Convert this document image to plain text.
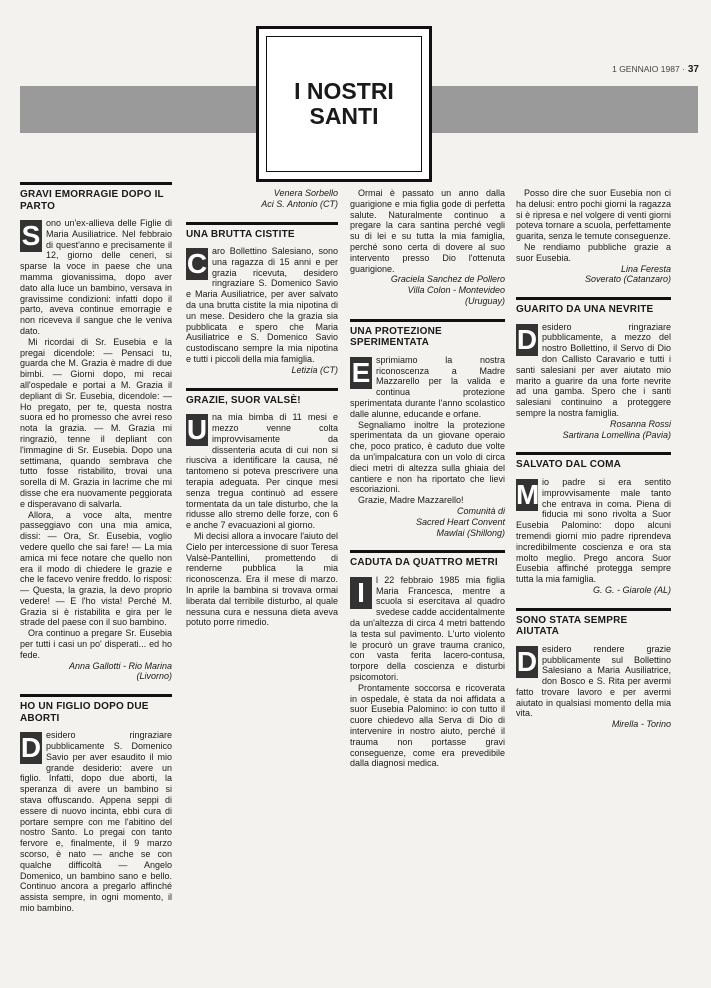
1 GENNAIO 1987 · 37
I NOSTRI
SANTI
GRAVI EMORRAGIE DOPO IL PARTO
S ono un'ex-allieva delle Figlie di Maria Ausiliatrice. Nel febbraio di quest'anno e precisamente il 12, giorno delle ceneri, si sparse la voce in paese che una mamma giovanissima, dopo aver dato alla luce un bambino, versava in gravissime condizioni: infatti dopo il parto, aveva continue emorragie e non riceveva il sangue che le veniva dato.

Mi ricordai di Sr. Eusebia e la pregai dicendole: — Pensaci tu, guarda che M. Grazia è madre di due bimbi. — Giorni dopo, mi recai all'ospedale e portai a M. Grazia il depliant di Sr. Eusebia, dicendole: — Ho pregato, per te, questa nostra suora ed ho promesso che avrei reso nota la grazia. — M. Grazia mi ringraziò, tenne il depliant con l'immagine di Sr. Eusebia. Dopo una settimana, quando sembrava che tutto fosse ristabilito, trovai una sorella di M. Grazia in lacrime che mi disse che era nuovamente peggiorata e disperavano di salvarla.

Allora, a voce alta, mentre passeggiavo con una mia amica, dissi: — Ora, Sr. Eusebia, voglio vedere quello che sai fare! — La mia amica mi fece notare che quello non era il modo di chiedere le grazie e che le facevo venire freddo. Io risposi: — Questa, la grazia, la devo proprio vedere! — E l'ho vista! Perché M. Grazia si è ristabilita e gira per le strade del paese con il suo bambino.

Ora continuo a pregare Sr. Eusebia per tutti i casi un po' disperati... ed ho fede.

Anna Gallotti - Rio Marina

(Livorno)

HO UN FIGLIO DOPO DUE ABORTI
D esidero ringraziare pubblicamente S. Domenico Savio per aver esaudito il mio grande desiderio: avere un figlio. Infatti, dopo due aborti, la speranza di avere un bambino si stava offuscando. Appena seppi di essere di nuovo incinta, ebbi cura di portare sempre con me l'abitino del nostro Santo. Lo pregai con tanto fervore e, finalmente, il 9 marzo scorso, è nato — anche se con qualche difficoltà — Angelo Domenico, un bambino sano e bello. Continuo ancora a pregarlo affinché assista sempre, in ogni momento, il mio bambino.

Venera Sorbello

Aci S. Antonio (CT)

UNA BRUTTA CISTITE
C aro Bollettino Salesiano, sono una ragazza di 15 anni e per grazia ricevuta, desidero ringraziare S. Domenico Savio e Maria Ausiliatrice, per aver salvato da una brutta cistite la mia nipotina di un mese. Desidero che la grazia sia pubblicata e spero che Maria Ausiliatrice e S. Domenico Savio custodiscano sempre la mia nipotina e tutti i piccoli della mia famiglia.

Letizia (CT)

GRAZIE, SUOR VALSÈ!
U na mia bimba di 11 mesi e mezzo venne colta improvvisamente da dissenteria acuta di cui non si riusciva a identificare la causa, né tantomeno si poteva prescrivere una terapia adeguata. Per cinque mesi senza tregua continuò ad essere tormentata da un tale disturbo, che la ridusse allo stremo delle forze, con 6 e anche 7 evacuazioni al giorno.

Mi decisi allora a invocare l'aiuto del Cielo per intercessione di suor Teresa Valsè-Pantellini, promettendo di renderne pubblica la mia riconoscenza. Era il mese di marzo. In aprile la bambina si trovava ormai liberata dal terribile disturbo, al quale nessuna cura e nessuna dieta aveva potuto porre rimedio.

Ormai è passato un anno dalla guarigione e mia figlia gode di perfetta salute. Naturalmente continuo a pregare la cara santina perché vegli su di lei e su tutta la mia famiglia, perché sono certa di dovere al suo intervento presso Dio l'ottenuta guarigione.

Graciela Sanchez de Pollero

Villa Colon - Montevideo

(Uruguay)

UNA PROTEZIONE SPERIMENTATA
E sprimiamo la nostra riconoscenza a Madre Mazzarello per la valida e continua protezione sperimentata durante l'anno scolastico dalle alunne, educande e orfane.

Segnaliamo inoltre la protezione sperimentata da un giovane operaio che, poco pratico, è caduto due volte da un'impalcatura con un volo di circa dieci metri di altezza sulla ghiaia del cantiere e non ha riportato che lievi escoriazioni.

Grazie, Madre Mazzarello!

Comunità di

Sacred Heart Convent

Mawlai (Shillong)

CADUTA DA QUATTRO METRI
I	l 22 febbraio 1985 mia figlia Maria Francesca, mentre a scuola si esercitava al quadro svedese cadde accidentalmente da un'altezza di circa 4 metri battendo la testa sul pavimento. L'urto violento le procurò un grave trauma cranico, con vasta ferita lacero-contusa, torpore della coscienza e disturbi psicomotori.

Prontamente soccorsa e ricoverata in ospedale, è stata da noi affidata a suor Eusebia Palomino: io con tutto il cuore chiedevo alla Serva di Dio di intervenire in nostro aiuto, perché il trauma non portasse gravi conseguenze, come era prevedibile dalla diagnosi medica.

Posso dire che suor Eusebia non ci ha delusi: entro pochi giorni la ragazza si è ripresa e nel volgere di venti giorni poteva tornare a scuola, perfettamente guarita, senza le temute conseguenze.

Ne rendiamo pubbliche grazie a suor Eusebia.

Lina Feresta

Soverato (Catanzaro)

GUARITO DA UNA NEVRITE
D esidero ringraziare pubblicamente, a mezzo del nostro Bollettino, il Servo di Dio don Callisto Caravario e tutti i santi salesiani per aver aiutato mio marito a guarire da una forte nevrite ad una gamba. Spero che i santi salesiani continuino a proteggere sempre la nostra famiglia.

Rosanna Rossi

Sartirana Lomellina (Pavia)

SALVATO DAL COMA
M io padre si era sentito improvvisamente male tanto che entrava in coma. Piena di fiducia mi sono rivolta a Suor Eusebia Palomino: dopo alcuni tremendi giorni mio padre riprendeva incredibilmente coscienza e ora sta molto meglio. Prego ancora Suor Eusebia affinché protegga sempre tutta la mia famiglia.

G. G. - Giarole (AL)

SONO STATA SEMPRE AIUTATA
D esidero rendere grazie pubblicamente sul Bollettino Salesiano a Maria Ausiliatrice, don Bosco e S. Rita per avermi fatto trovare lavoro e per avermi aiutato in qualsiasi momento della mia vita.

Mirella - Torino
